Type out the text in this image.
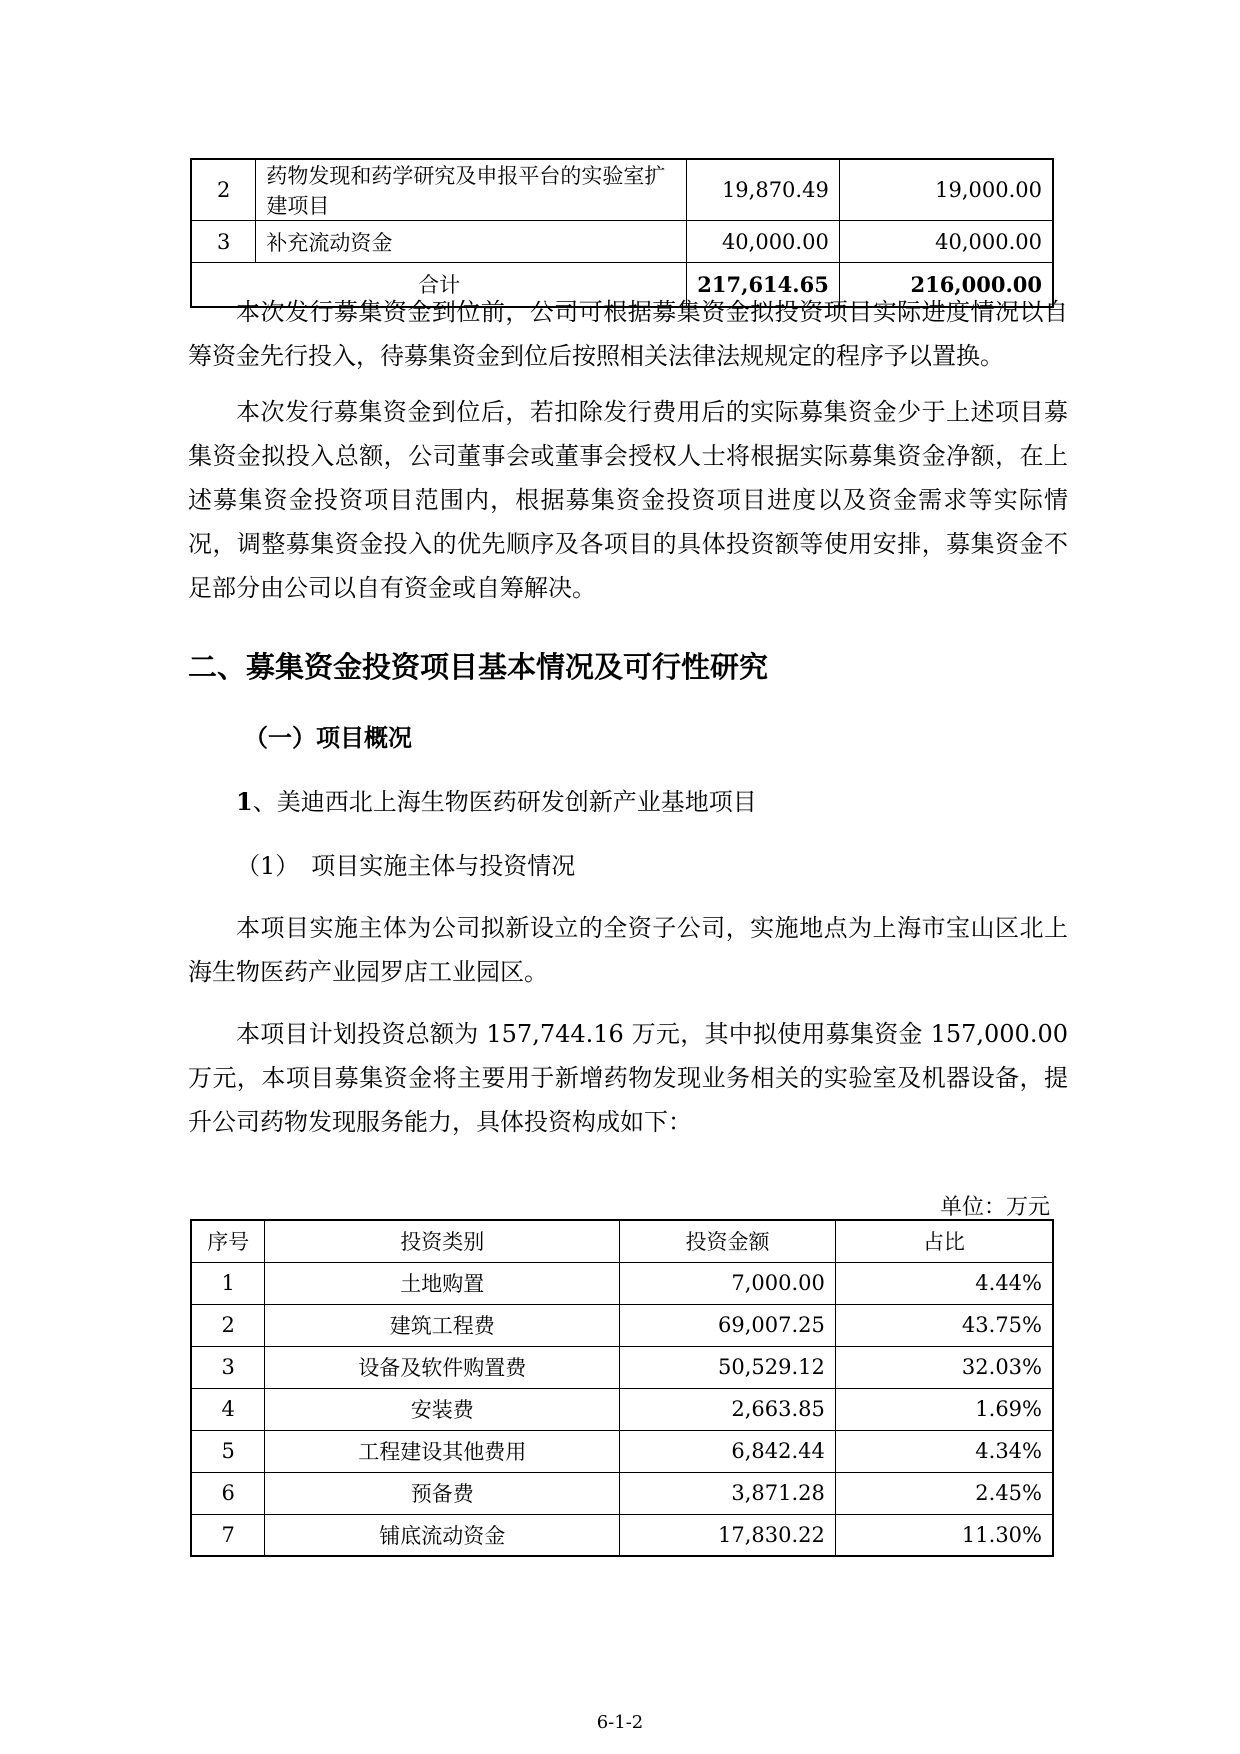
2	药物发现和药学研究及申报平台的实验室扩建项目	19,870.49	19,000.00
3	补充流动资金	40,000.00	40,000.00
合计		217,614.65	216,000.00

本次发行募集资金到位前，公司可根据募集资金拟投资项目实际进度情况以自筹资金先行投入，待募集资金到位后按照相关法律法规规定的程序予以置换。

本次发行募集资金到位后，若扣除发行费用后的实际募集资金少于上述项目募集资金拟投入总额，公司董事会或董事会授权人士将根据实际募集资金净额，在上述募集资金投资项目范围内，根据募集资金投资项目进度以及资金需求等实际情况，调整募集资金投入的优先顺序及各项目的具体投资额等使用安排，募集资金不足部分由公司以自有资金或自筹解决。

二、募集资金投资项目基本情况及可行性研究
（一）项目概况

1、美迪西北上海生物医药研发创新产业基地项目

（1）　项目实施主体与投资情况

本项目实施主体为公司拟新设立的全资子公司，实施地点为上海市宝山区北上海生物医药产业园罗店工业园区。

本项目计划投资总额为 157,744.16 万元，其中拟使用募集资金 157,000.00 万元，本项目募集资金将主要用于新增药物发现业务相关的实验室及机器设备，提升公司药物发现服务能力，具体投资构成如下：

单位：万元

序号	投资类别	投资金额	占比
1	土地购置	7,000.00	4.44%
2	建筑工程费	69,007.25	43.75%
3	设备及软件购置费	50,529.12	32.03%
4	安装费	2,663.85	1.69%
5	工程建设其他费用	6,842.44	4.34%
6	预备费	3,871.28	2.45%
7	铺底流动资金	17,830.22	11.30%

6-1-2
